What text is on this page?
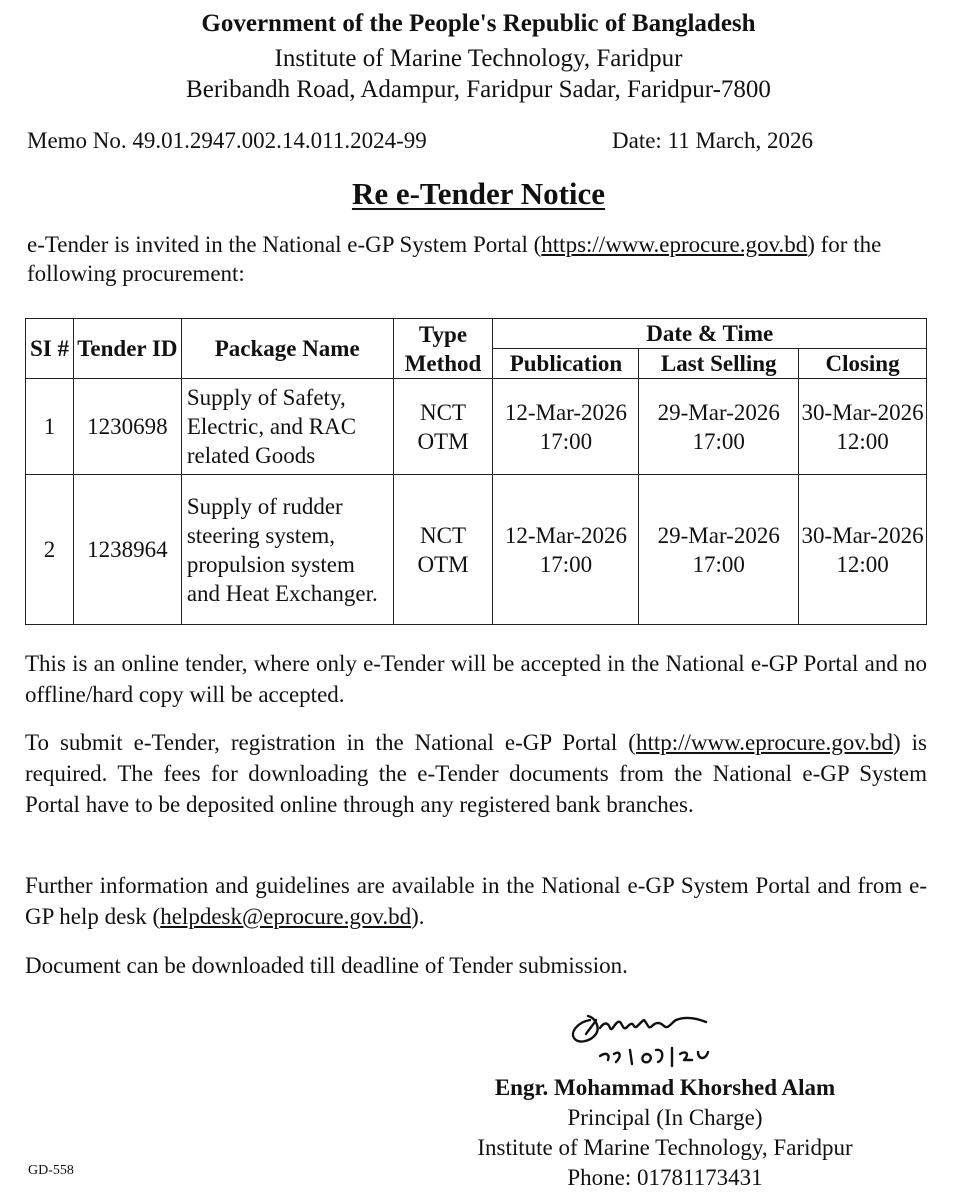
Government of the People's Republic of Bangladesh
Institute of Marine Technology, Faridpur
Beribandh Road, Adampur, Faridpur Sadar, Faridpur-7800
Memo No. 49.01.2947.002.14.011.2024-99	Date: 11 March, 2026
Re e-Tender Notice
e-Tender is invited in the National e-GP System Portal (https://www.eprocure.gov.bd) for the following procurement:
SI #	Tender ID	Package Name	Type Method	Date & Time		
				Publication	Last Selling	Closing
1	1230698	Supply of Safety, Electric, and RAC related Goods	NCT OTM	12-Mar-2026 17:00	29-Mar-2026 17:00	30-Mar-2026 12:00
2	1238964	Supply of rudder steering system, propulsion system and Heat Exchanger.	NCT OTM	12-Mar-2026 17:00	29-Mar-2026 17:00	30-Mar-2026 12:00
This is an online tender, where only e-Tender will be accepted in the National e-GP Portal and no offline/hard copy will be accepted.
To submit e-Tender, registration in the National e-GP Portal (http://www.eprocure.gov.bd) is required. The fees for downloading the e-Tender documents from the National e-GP System Portal have to be deposited online through any registered bank branches.
Further information and guidelines are available in the National e-GP System Portal and from e-GP help desk (helpdesk@eprocure.gov.bd).
Document can be downloaded till deadline of Tender submission.
Engr. Mohammad Khorshed Alam
Principal (In Charge)
Institute of Marine Technology, Faridpur
Phone: 01781173431
GD-558
